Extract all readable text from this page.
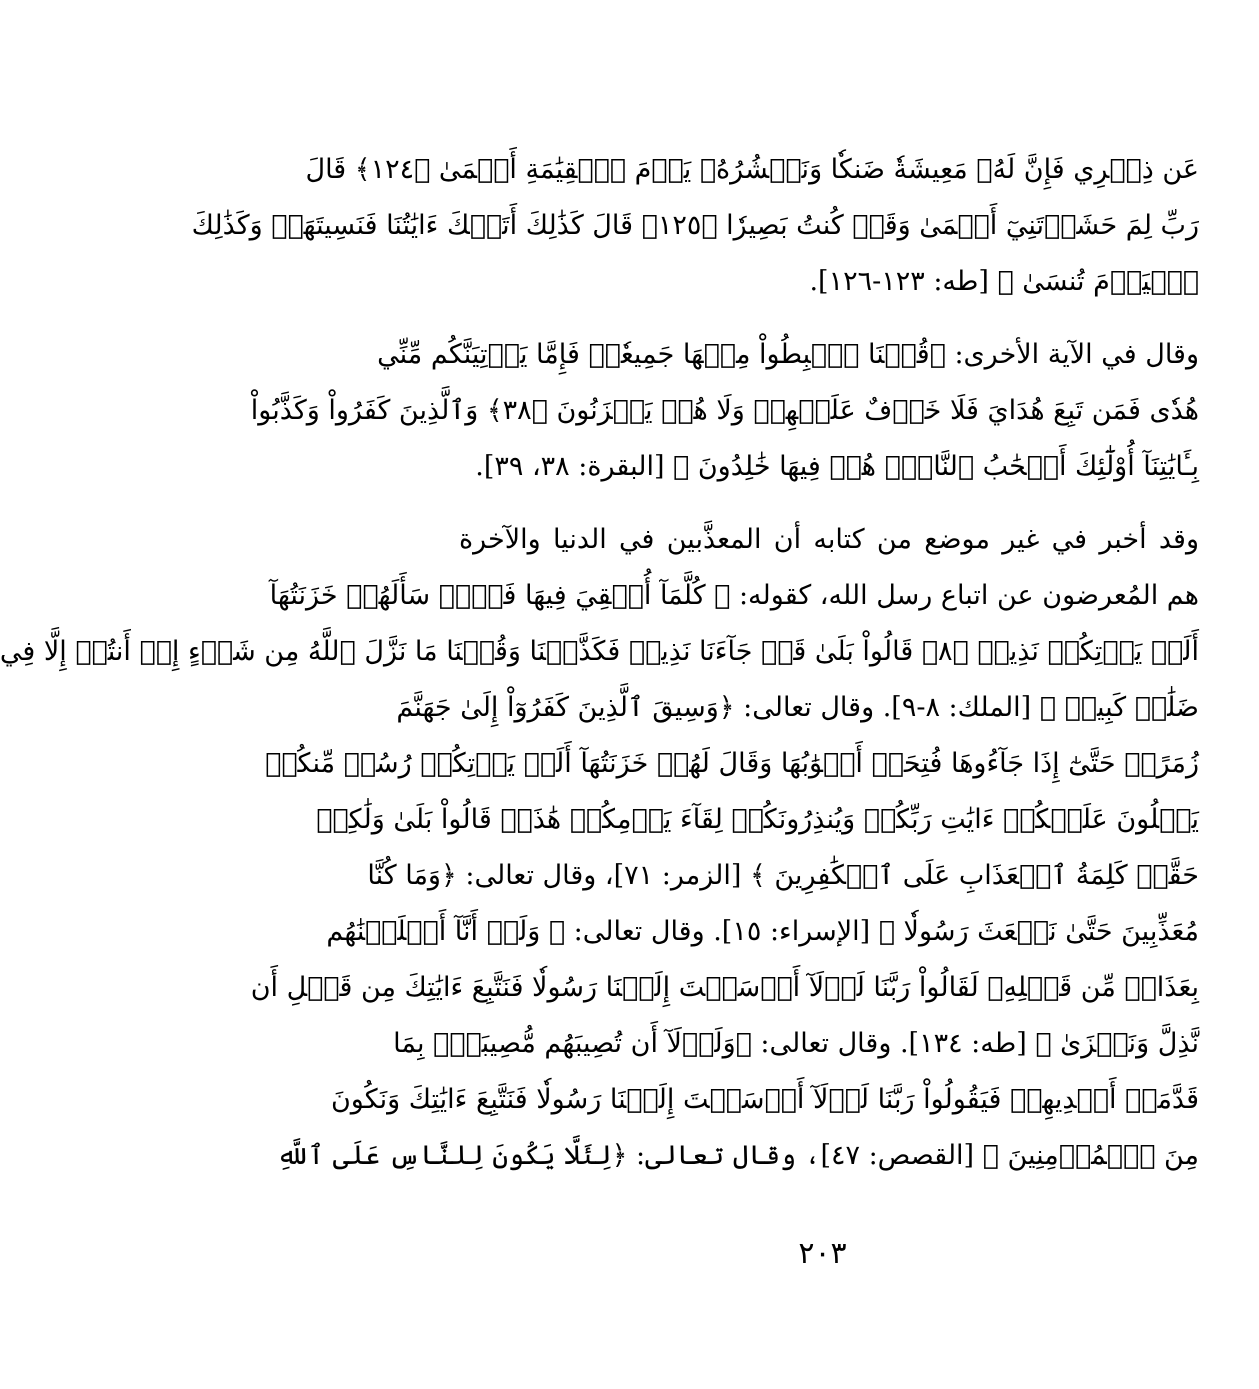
عَن ذِكۡرِي فَإِنَّ لَهُۥ مَعِيشَةٗ ضَنكٗا وَنَحۡشُرُهُۥ يَوۡمَ ٱلۡقِيَٰمَةِ أَعۡمَىٰ ﴿١٢٤﴾ قَالَ
رَبِّ لِمَ حَشَرۡتَنِيٓ أَعۡمَىٰ وَقَدۡ كُنتُ بَصِيرٗا ﴿١٢٥﴾ قَالَ كَذَٰلِكَ أَتَتۡكَ ءَايَٰتُنَا فَنَسِيتَهَاۖ وَكَذَٰلِكَ
ٱلۡيَوۡمَ تُنسَىٰ ﴾ [طه: ١٢٣-١٢٦].
وقال في الآية الأخرى: ﴿قُلۡنَا ٱهۡبِطُواْ مِنۡهَا جَمِيعٗاۖ فَإِمَّا يَأۡتِيَنَّكُم مِّنِّي
هُدٗى فَمَن تَبِعَ هُدَايَ فَلَا خَوۡفٌ عَلَيۡهِمۡ وَلَا هُمۡ يَحۡزَنُونَ ﴿٣٨﴾ وَٱلَّذِينَ كَفَرُواْ وَكَذَّبُواْ
بِـَٔايَٰتِنَآ أُوْلَٰٓئِكَ أَصۡحَٰبُ ٱلنَّارِۖ هُمۡ فِيهَا خَٰلِدُونَ ﴾ [البقرة: ٣٨، ٣٩].
وقد أخبر في غير موضع من كتابه أن المعذَّبين في الدنيا والآخرة
هم المُعرضون عن اتباع رسل الله، كقوله: ﴿ كُلَّمَآ أُلۡقِيَ فِيهَا فَوۡجٞ سَأَلَهُمۡ خَزَنَتُهَآ
أَلَمۡ يَأۡتِكُمۡ نَذِيرٞ ﴿٨﴾ قَالُواْ بَلَىٰ قَدۡ جَآءَنَا نَذِيرٞ فَكَذَّبۡنَا وَقُلۡنَا مَا نَزَّلَ ٱللَّهُ مِن شَيۡءٍ إِنۡ أَنتُمۡ إِلَّا فِي
ضَلَٰلٖ كَبِيرٖ ﴾ [الملك: ٨-٩]. وقال تعالى: ﴿وَسِيقَ ٱلَّذِينَ كَفَرُوٓاْ إِلَىٰ جَهَنَّمَ
زُمَرًاۖ حَتَّىٰٓ إِذَا جَآءُوهَا فُتِحَتۡ أَبۡوَٰبُهَا وَقَالَ لَهُمۡ خَزَنَتُهَآ أَلَمۡ يَأۡتِكُمۡ رُسُلٞ مِّنكُمۡ
يَتۡلُونَ عَلَيۡكُمۡ ءَايَٰتِ رَبِّكُمۡ وَيُنذِرُونَكُمۡ لِقَآءَ يَوۡمِكُمۡ هَٰذَاۚ قَالُواْ بَلَىٰ وَلَٰكِنۡ
حَقَّتۡ كَلِمَةُ ٱلۡعَذَابِ عَلَى ٱلۡكَٰفِرِينَ ﴾ [الزمر: ٧١]، وقال تعالى: ﴿وَمَا كُنَّا
مُعَذِّبِينَ حَتَّىٰ نَبۡعَثَ رَسُولٗا ﴾ [الإسراء: ١٥]. وقال تعالى: ﴿ وَلَوۡ أَنَّآ أَهۡلَكۡنَٰهُم
بِعَذَابٖ مِّن قَبۡلِهِۦ لَقَالُواْ رَبَّنَا لَوۡلَآ أَرۡسَلۡتَ إِلَيۡنَا رَسُولٗا فَنَتَّبِعَ ءَايَٰتِكَ مِن قَبۡلِ أَن
نَّذِلَّ وَنَخۡزَىٰ ﴾ [طه: ١٣٤]. وقال تعالى: ﴿وَلَوۡلَآ أَن تُصِيبَهُم مُّصِيبَةُۢ بِمَا
قَدَّمَتۡ أَيۡدِيهِمۡ فَيَقُولُواْ رَبَّنَا لَوۡلَآ أَرۡسَلۡتَ إِلَيۡنَا رَسُولٗا فَنَتَّبِعَ ءَايَٰتِكَ وَنَكُونَ
مِنَ ٱلۡمُؤۡمِنِينَ ﴾ [القصص: ٤٧]، وقال تعالى: ﴿لِئَلَّا يَكُونَ لِلنَّاسِ عَلَى ٱللَّهِ
٢٠٣
